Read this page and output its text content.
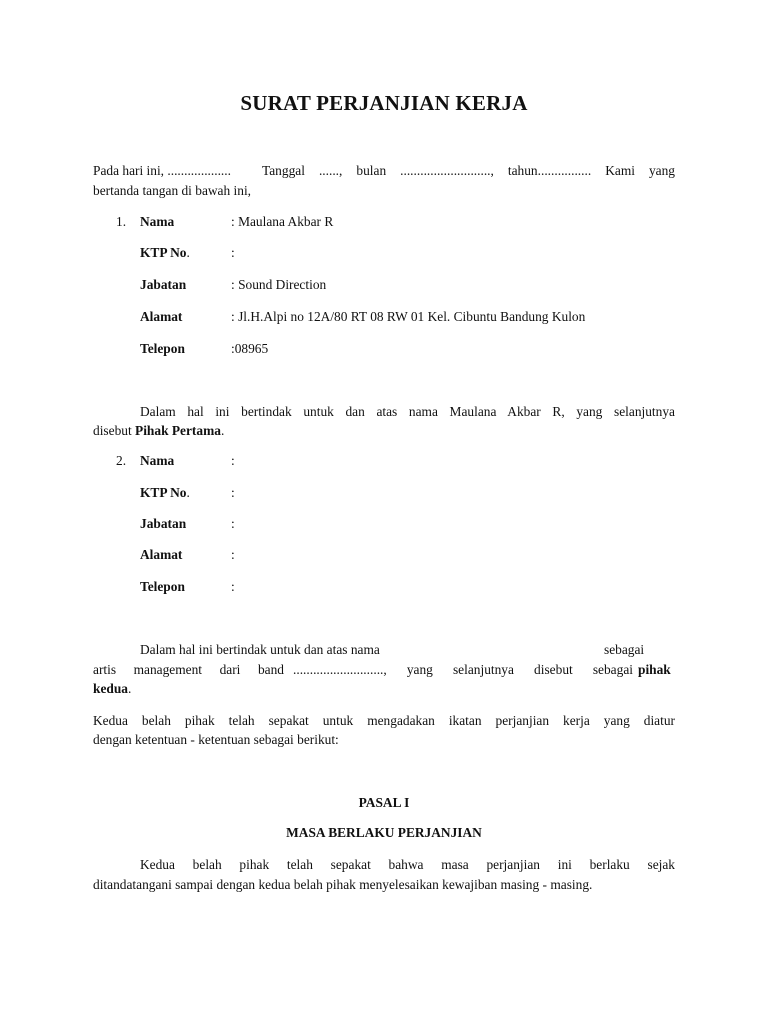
SURAT PERJANJIAN KERJA
Pada hari ini, ................... Tanggal ......, bulan ..........................., tahun................ Kami yang
bertanda tangan di bawah ini,
1. Nama	: Maulana Akbar R
KTP No.	:
Jabatan	: Sound Direction
Alamat	: Jl.H.Alpi no 12A/80 RT 08 RW 01 Kel. Cibuntu Bandung Kulon
Telepon	:08965
Dalam hal ini bertindak untuk dan atas nama Maulana Akbar R, yang selanjutnya
disebut Pihak Pertama.
2. Nama	:
KTP No.	:
Jabatan	:
Alamat	:
Telepon	:
Dalam hal ini bertindak untuk dan atas nama	sebagai
artis management dari band ..........................., yang selanjutnya disebut sebagai pihak
kedua.
Kedua belah pihak telah sepakat untuk mengadakan ikatan perjanjian kerja yang diatur
dengan ketentuan - ketentuan sebagai berikut:
PASAL I
MASA BERLAKU PERJANJIAN
Kedua belah pihak telah sepakat bahwa masa perjanjian ini berlaku sejak
ditandatangani sampai dengan kedua belah pihak menyelesaikan kewajiban masing - masing.
